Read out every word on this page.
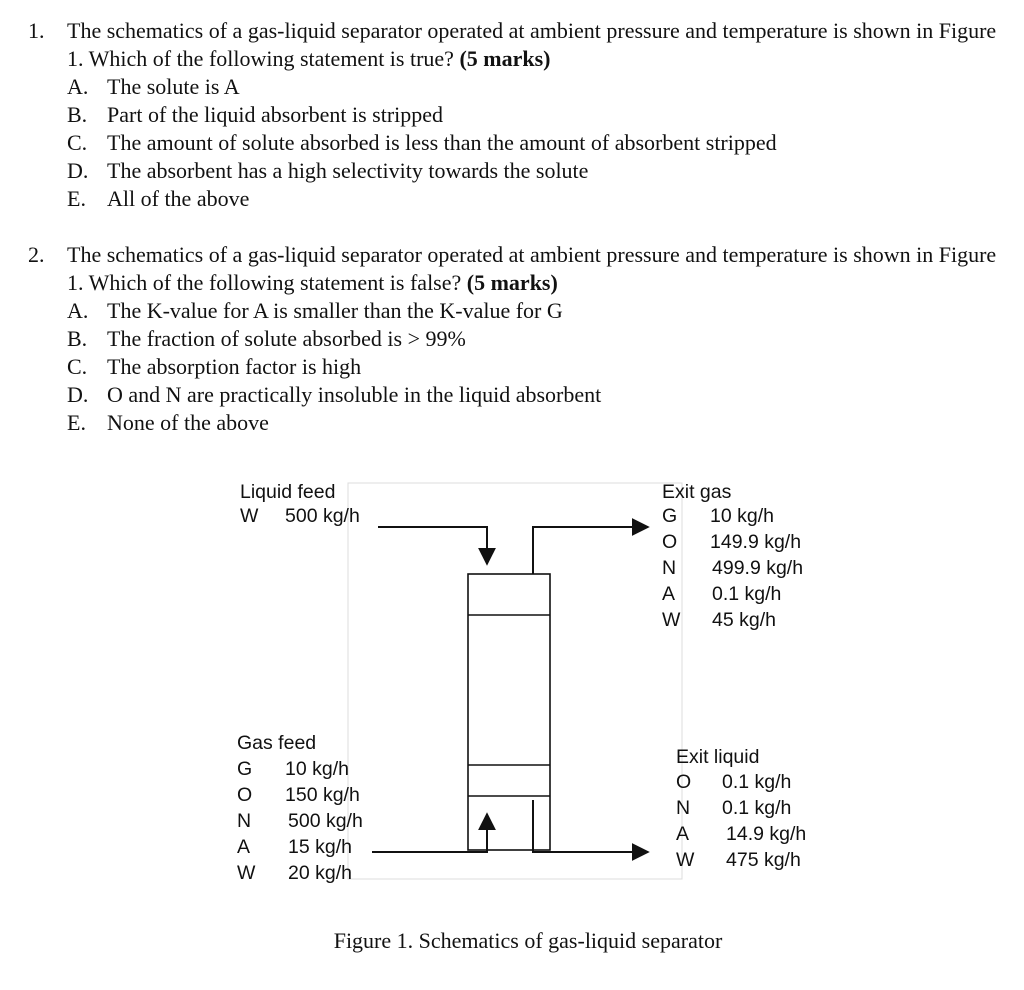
1. The schematics of a gas-liquid separator operated at ambient pressure and temperature is shown in Figure 1. Which of the following statement is true? (5 marks)
A. The solute is A
B. Part of the liquid absorbent is stripped
C. The amount of solute absorbed is less than the amount of absorbent stripped
D. The absorbent has a high selectivity towards the solute
E. All of the above
2. The schematics of a gas-liquid separator operated at ambient pressure and temperature is shown in Figure 1. Which of the following statement is false? (5 marks)
A. The K-value for A is smaller than the K-value for G
B. The fraction of solute absorbed is > 99%
C. The absorption factor is high
D. O and N are practically insoluble in the liquid absorbent
E. None of the above
Liquid feed
W 500 kg/h
Exit gas
G 10 kg/h
O 149.9 kg/h
N 499.9 kg/h
A 0.1 kg/h
W 45 kg/h
Gas feed
G 10 kg/h
O 150 kg/h
N 500 kg/h
A 15 kg/h
W 20 kg/h
Exit liquid
O 0.1 kg/h
N 0.1 kg/h
A 14.9 kg/h
W 475 kg/h
Figure 1. Schematics of gas-liquid separator
